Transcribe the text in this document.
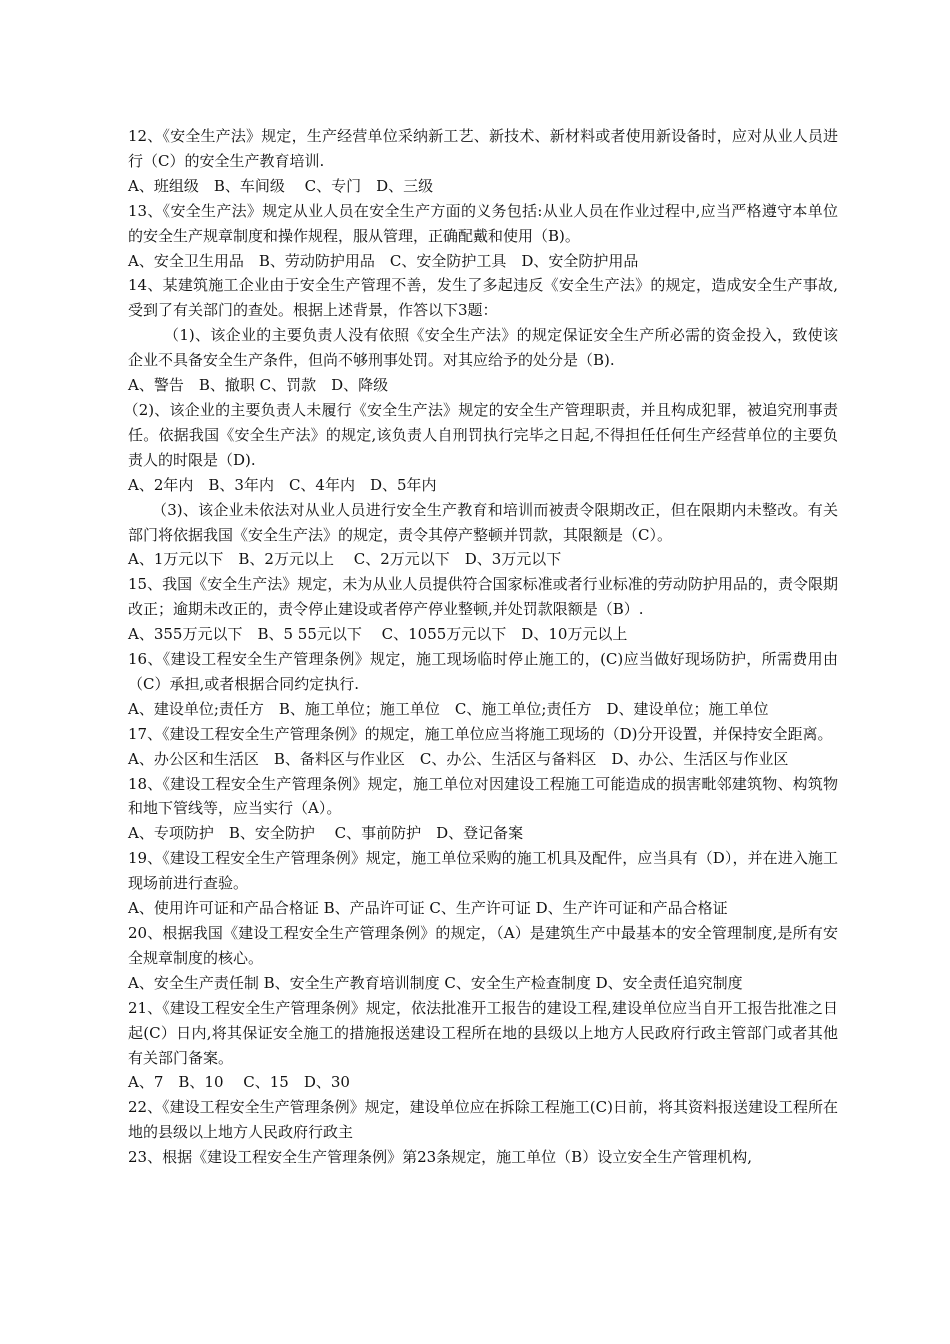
12、《安全生产法》规定，生产经营单位采纳新工艺、新技术、新材料或者使用新设备时，应对从业人员进行（C）的安全生产教育培训.

A、班组级　B、车间级　 C、专门　D、三级

13、《安全生产法》规定从业人员在安全生产方面的义务包括:从业人员在作业过程中,应当严格遵守本单位的安全生产规章制度和操作规程，服从管理，正确配戴和使用（B)。

A、安全卫生用品　B、劳动防护用品　C、安全防护工具　D、安全防护用品

14、某建筑施工企业由于安全生产管理不善，发生了多起违反《安全生产法》的规定，造成安全生产事故,受到了有关部门的查处。根据上述背景，作答以下3题：

（1)、该企业的主要负责人没有依照《安全生产法》的规定保证安全生产所必需的资金投入，致使该企业不具备安全生产条件，但尚不够刑事处罚。对其应给予的处分是（B).

A、警告　B、撤职 C、罚款　D、降级

（2)、该企业的主要负责人未履行《安全生产法》规定的安全生产管理职责，并且构成犯罪，被追究刑事责任。依据我国《安全生产法》的规定,该负责人自刑罚执行完毕之日起,不得担任任何生产经营单位的主要负责人的时限是（D).

A、2年内　B、3年内　C、4年内　D、5年内

（3)、该企业未依法对从业人员进行安全生产教育和培训而被责令限期改正，但在限期内未整改。有关部门将依据我国《安全生产法》的规定，责令其停产整顿并罚款，其限额是（C）。

A、1万元以下　B、2万元以上　 C、2万元以下　D、3万元以下

15、我国《安全生产法》规定，未为从业人员提供符合国家标准或者行业标准的劳动防护用品的，责令限期改正；逾期未改正的，责令停止建设或者停产停业整顿,并处罚款限额是（B）.

A、355万元以下　B、5 55元以下　 C、1055万元以下　D、10万元以上

16、《建设工程安全生产管理条例》规定，施工现场临时停止施工的，(C)应当做好现场防护，所需费用由（C）承担,或者根据合同约定执行.

A、建设单位;责任方　B、施工单位；施工单位　C、施工单位;责任方　D、建设单位；施工单位

17、《建设工程安全生产管理条例》的规定，施工单位应当将施工现场的（D)分开设置，并保持安全距离。

A、办公区和生活区　B、备料区与作业区　C、办公、生活区与备料区　D、办公、生活区与作业区

18、《建设工程安全生产管理条例》规定，施工单位对因建设工程施工可能造成的损害毗邻建筑物、构筑物和地下管线等，应当实行（A）。

A、专项防护　B、安全防护　 C、事前防护　D、登记备案

19、《建设工程安全生产管理条例》规定，施工单位采购的施工机具及配件，应当具有（D），并在进入施工现场前进行查验。

A、使用许可证和产品合格证 B、产品许可证 C、生产许可证 D、生产许可证和产品合格证

20、根据我国《建设工程安全生产管理条例》的规定，（A）是建筑生产中最基本的安全管理制度,是所有安全规章制度的核心。

A、安全生产责任制 B、安全生产教育培训制度 C、安全生产检查制度 D、安全责任追究制度

21、《建设工程安全生产管理条例》规定，依法批准开工报告的建设工程,建设单位应当自开工报告批准之日起(C）日内,将其保证安全施工的措施报送建设工程所在地的县级以上地方人民政府行政主管部门或者其他有关部门备案。

A、7　B、10　 C、15　D、30

22、《建设工程安全生产管理条例》规定，建设单位应在拆除工程施工(C)日前，将其资料报送建设工程所在地的县级以上地方人民政府行政主

23、根据《建设工程安全生产管理条例》第23条规定，施工单位（B）设立安全生产管理机构,
